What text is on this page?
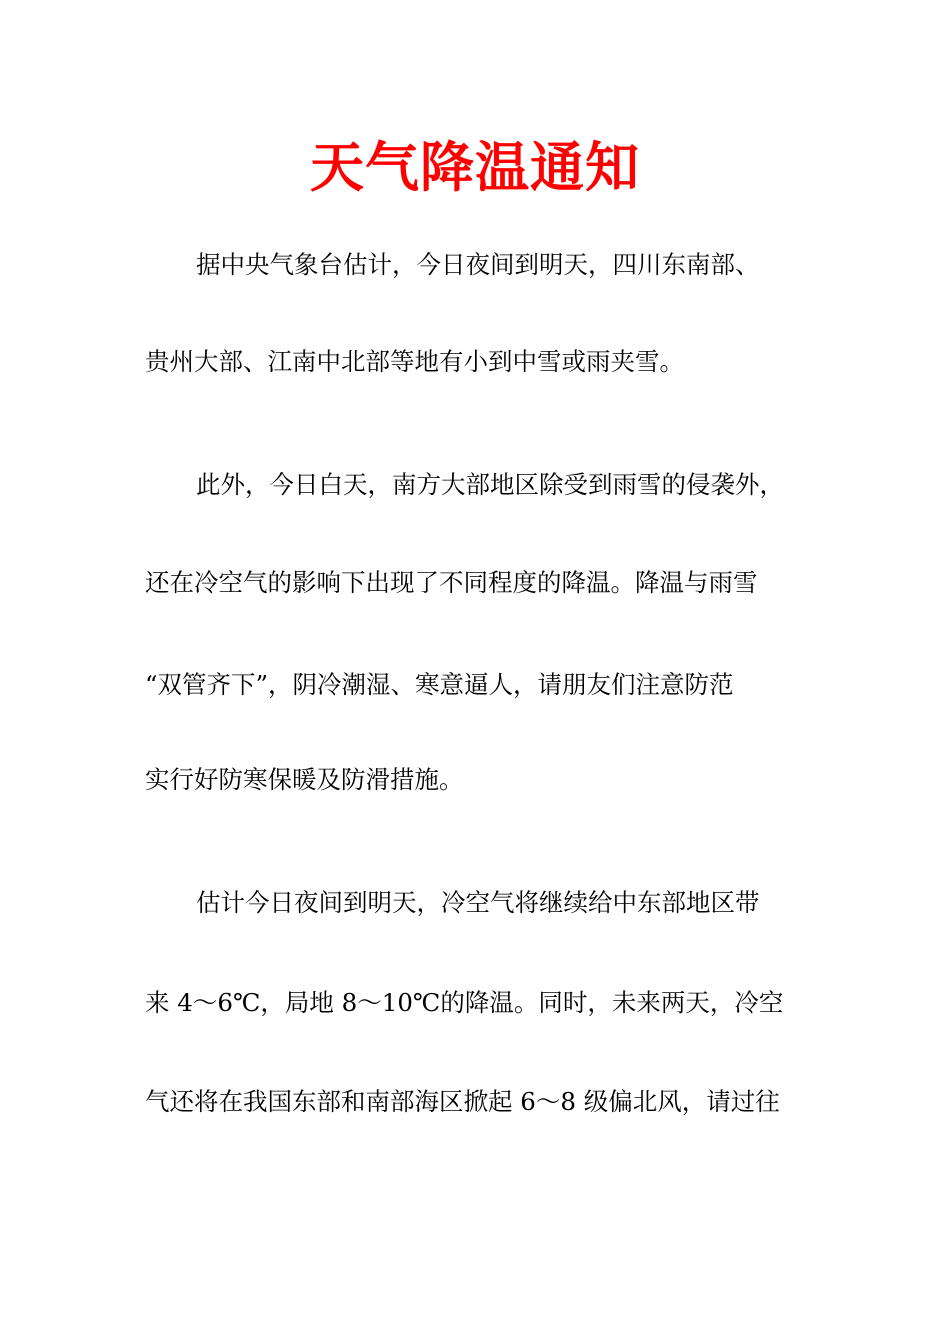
天气降温通知
据中央气象台估计，今日夜间到明天，四川东南部、
贵州大部、江南中北部等地有小到中雪或雨夹雪。
此外，今日白天，南方大部地区除受到雨雪的侵袭外，
还在冷空气的影响下出现了不同程度的降温。降温与雨雪
“双管齐下”，阴冷潮湿、寒意逼人，请朋友们注意防范
实行好防寒保暖及防滑措施。
估计今日夜间到明天，冷空气将继续给中东部地区带
来 4～6℃，局地 8～10℃的降温。同时，未来两天，冷空
气还将在我国东部和南部海区掀起 6～8 级偏北风，请过往
